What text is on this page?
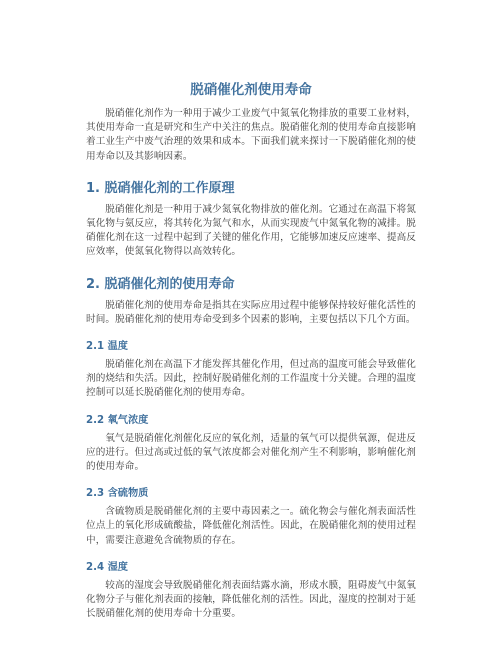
脱硝催化剂使用寿命

脱硝催化剂作为一种用于减少工业废气中氮氧化物排放的重要工业材料，其使用寿命一直是研究和生产中关注的焦点。脱硝催化剂的使用寿命直接影响着工业生产中废气治理的效果和成本。下面我们就来探讨一下脱硝催化剂的使用寿命以及其影响因素。

1. 脱硝催化剂的工作原理

脱硝催化剂是一种用于减少氮氧化物排放的催化剂。它通过在高温下将氮氧化物与氨反应，将其转化为氮气和水，从而实现废气中氮氧化物的减排。脱硝催化剂在这一过程中起到了关键的催化作用，它能够加速反应速率、提高反应效率，使氮氧化物得以高效转化。

2. 脱硝催化剂的使用寿命

脱硝催化剂的使用寿命是指其在实际应用过程中能够保持较好催化活性的时间。脱硝催化剂的使用寿命受到多个因素的影响，主要包括以下几个方面。

2.1 温度

脱硝催化剂在高温下才能发挥其催化作用，但过高的温度可能会导致催化剂的烧结和失活。因此，控制好脱硝催化剂的工作温度十分关键。合理的温度控制可以延长脱硝催化剂的使用寿命。

2.2 氧气浓度

氧气是脱硝催化剂催化反应的氧化剂，适量的氧气可以提供氧源，促进反应的进行。但过高或过低的氧气浓度都会对催化剂产生不利影响，影响催化剂的使用寿命。

2.3 含硫物质

含硫物质是脱硝催化剂的主要中毒因素之一。硫化物会与催化剂表面活性位点上的氧化形成硫酸盐，降低催化剂活性。因此，在脱硝催化剂的使用过程中，需要注意避免含硫物质的存在。

2.4 湿度

较高的湿度会导致脱硝催化剂表面结露水滴，形成水膜，阻碍废气中氮氧化物分子与催化剂表面的接触，降低催化剂的活性。因此，湿度的控制对于延长脱硝催化剂的使用寿命十分重要。
